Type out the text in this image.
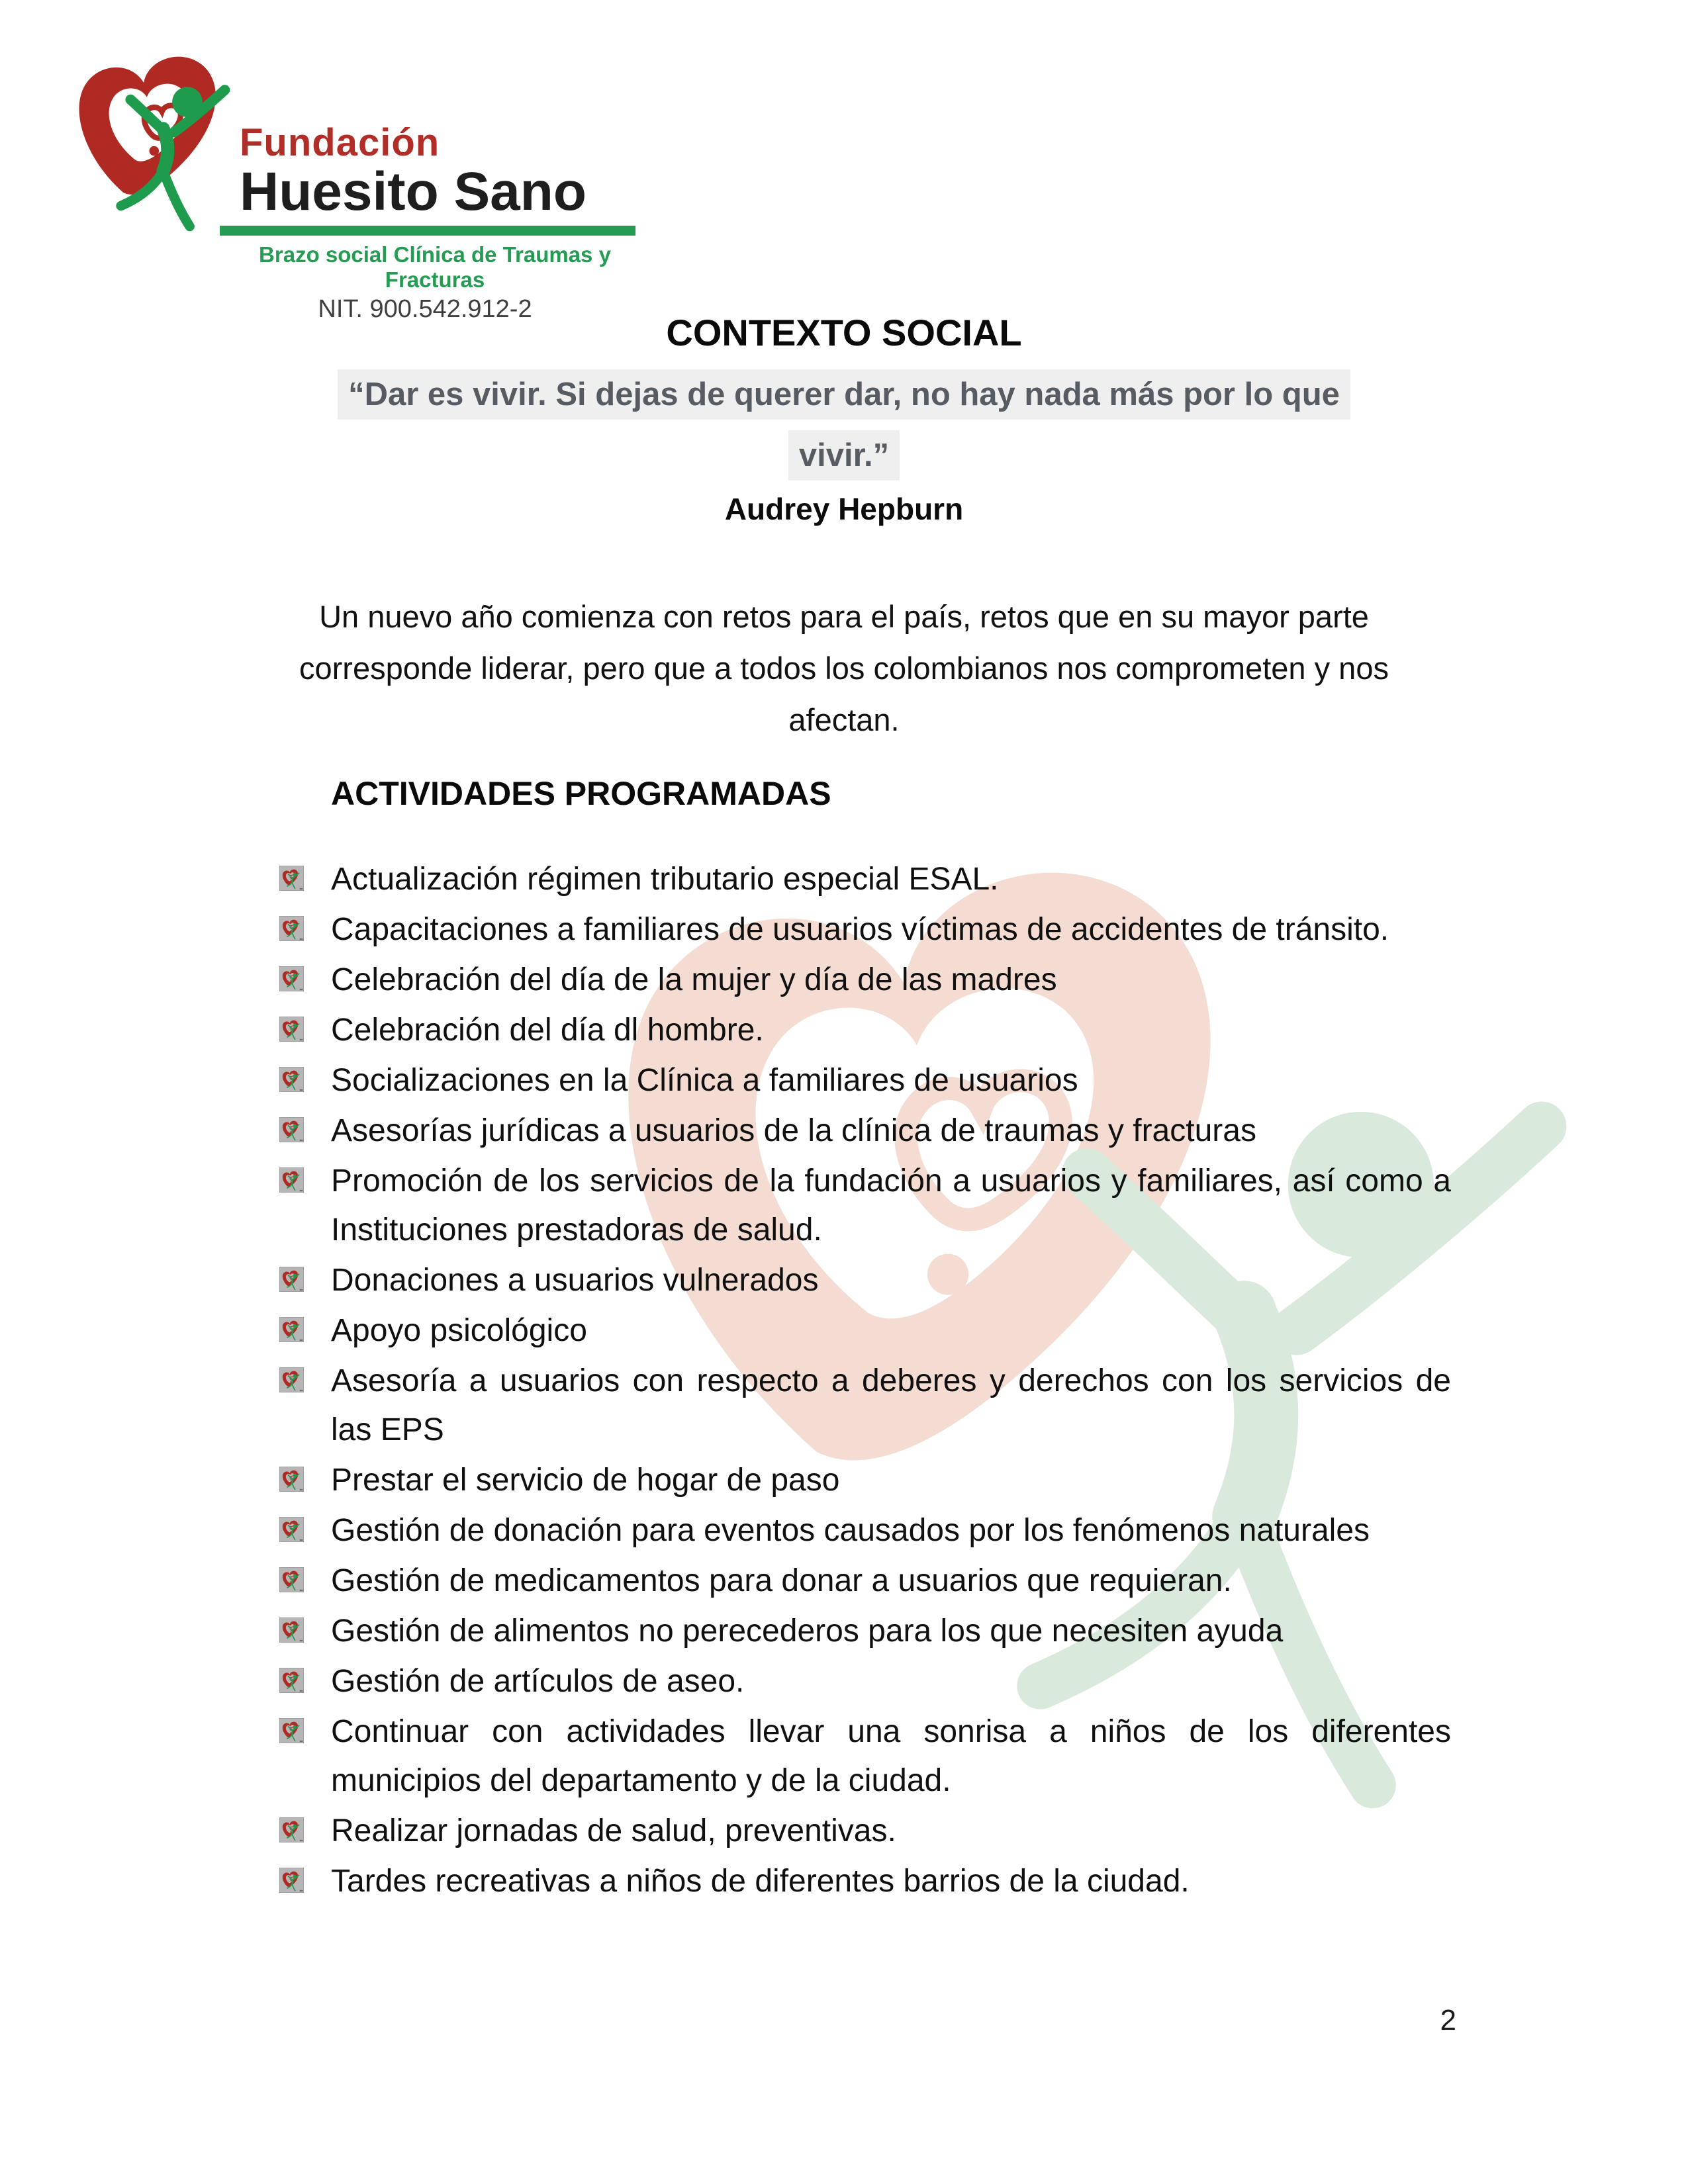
Fundación
Huesito Sano
Brazo social Clínica de Traumas y Fracturas
NIT. 900.542.912-2
CONTEXTO SOCIAL
“Dar es vivir. Si dejas de querer dar, no hay nada más por lo que
vivir.”
Audrey Hepburn
Un nuevo año comienza con retos para el país, retos que en su mayor parte
corresponde liderar, pero que a todos los colombianos nos comprometen y nos
afectan.
ACTIVIDADES PROGRAMADAS
Actualización régimen tributario especial ESAL.
Capacitaciones a familiares de usuarios víctimas de accidentes de tránsito.
Celebración del día de la mujer y día de las madres
Celebración del día dl hombre.
Socializaciones en la Clínica a familiares de usuarios
Asesorías jurídicas a usuarios de la clínica de traumas y fracturas
Promoción de los servicios de la fundación a usuarios y familiares, así como a Instituciones prestadoras de salud.
Donaciones a usuarios vulnerados
Apoyo psicológico
Asesoría a usuarios con respecto a deberes y derechos con los servicios de las EPS
Prestar el servicio de hogar de paso
Gestión de donación para eventos causados por los fenómenos naturales
Gestión de medicamentos para donar a usuarios que requieran.
Gestión de alimentos no perecederos para los que necesiten ayuda
Gestión de artículos de aseo.
Continuar con actividades llevar una sonrisa a niños de los diferentes municipios del departamento y de la ciudad.
Realizar jornadas de salud, preventivas.
Tardes recreativas a niños de diferentes barrios de la ciudad.
2
